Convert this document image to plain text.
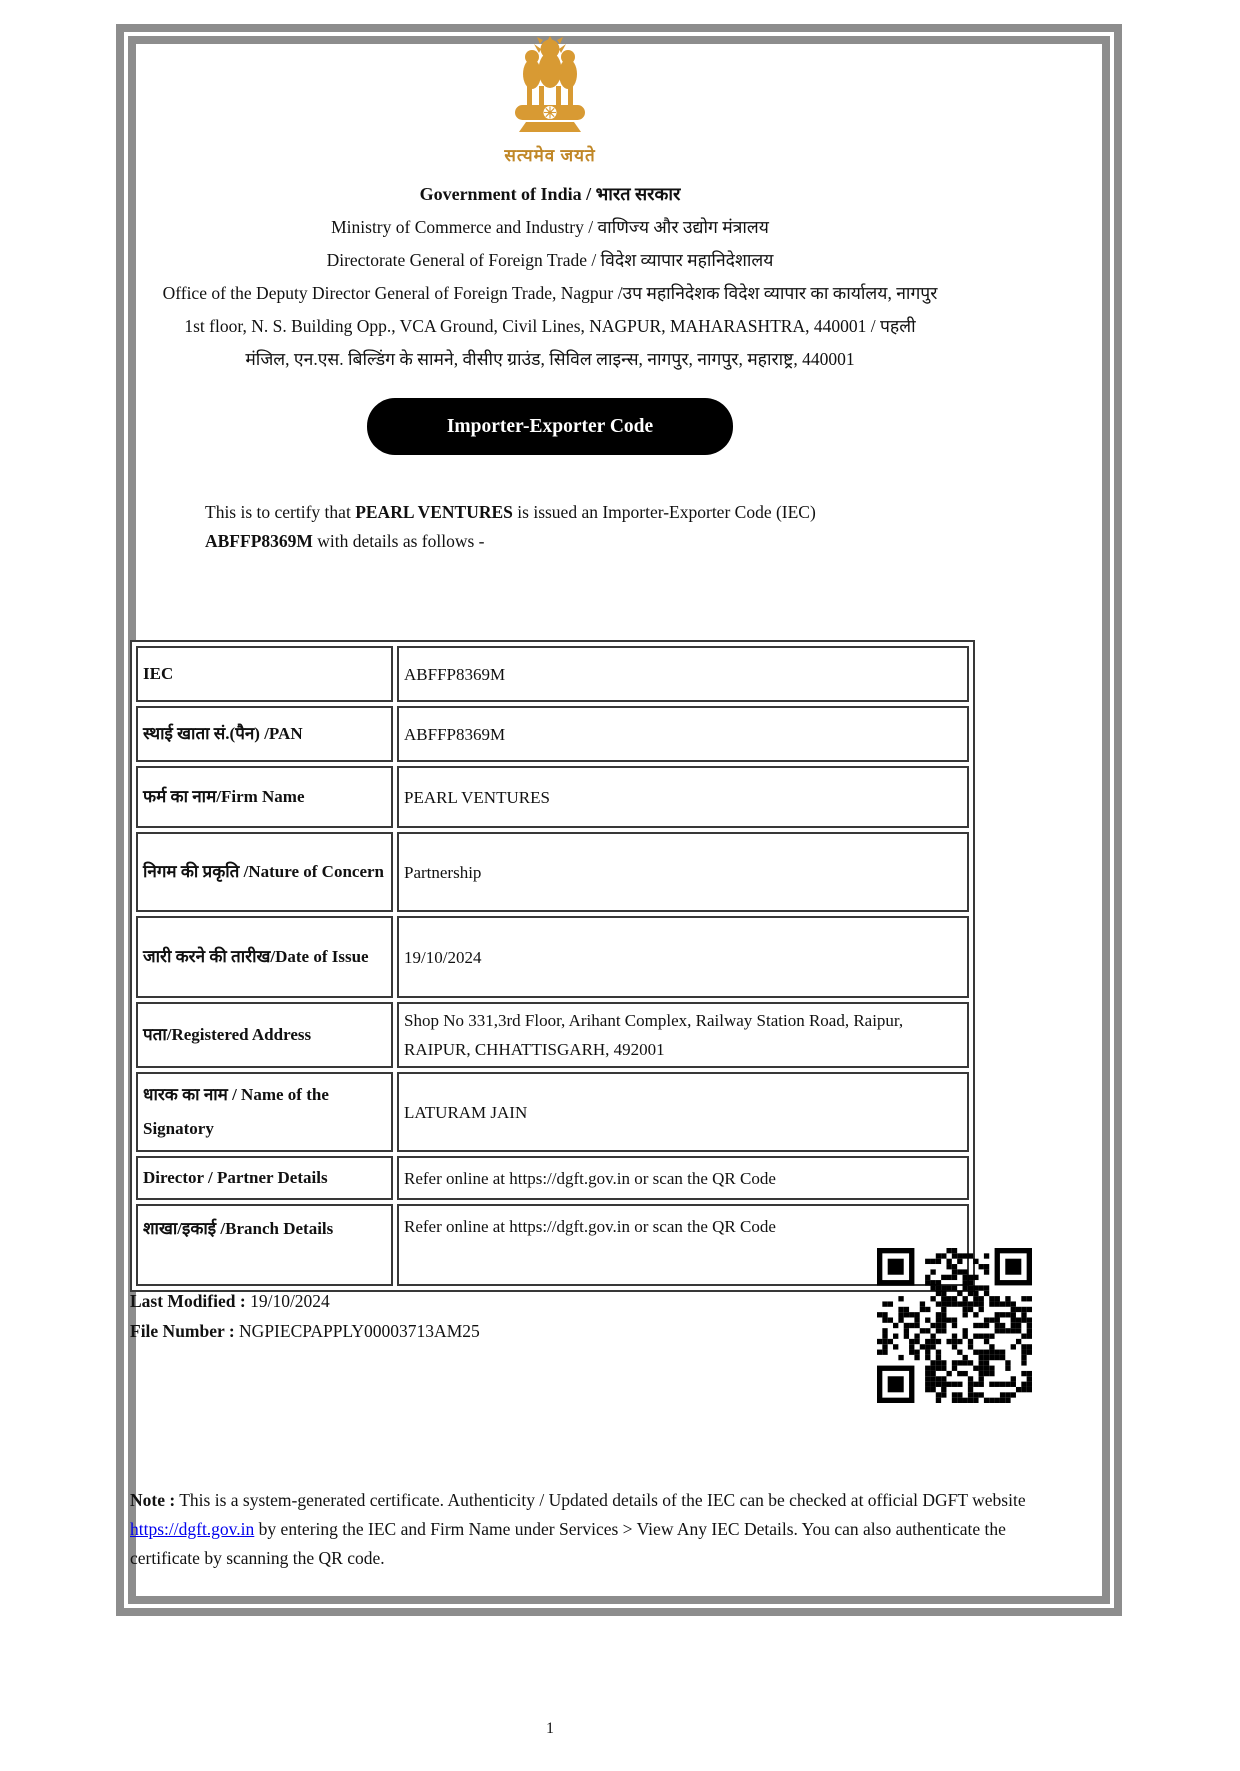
सत्यमेव जयते
Government of India / भारत सरकार
Ministry of Commerce and Industry / वाणिज्य और उद्योग मंत्रालय
Directorate General of Foreign Trade / विदेश व्यापार महानिदेशालय
Office of the Deputy Director General of Foreign Trade, Nagpur /उप महानिदेशक विदेश व्यापार का कार्यालय, नागपुर
1st floor, N. S. Building Opp., VCA Ground, Civil Lines, NAGPUR, MAHARASHTRA, 440001 / पहली
मंजिल, एन.एस. बिल्डिंग के सामने, वीसीए ग्राउंड, सिविल लाइन्स, नागपुर, नागपुर, महाराष्ट्र, 440001
Importer-Exporter Code
This is to certify that PEARL VENTURES is issued an Importer-Exporter Code (IEC) ABFFP8369M with details as follows -
IEC	ABFFP8369M
स्थाई खाता सं.(पैन) /PAN	ABFFP8369M
फर्म का नाम/Firm Name	PEARL VENTURES
निगम की प्रकृति /Nature of Concern	Partnership
जारी करने की तारीख/Date of Issue	19/10/2024
पता/Registered Address	Shop No 331,3rd Floor, Arihant Complex, Railway Station Road, Raipur, RAIPUR, CHHATTISGARH, 492001
धारक का नाम / Name of the Signatory	LATURAM JAIN
Director / Partner Details	Refer online at https://dgft.gov.in or scan the QR Code
शाखा/इकाई /Branch Details	Refer online at https://dgft.gov.in or scan the QR Code
Last Modified : 19/10/2024
File Number : NGPIECPAPPLY00003713AM25
Note : This is a system-generated certificate. Authenticity / Updated details of the IEC can be checked at official DGFT website https://dgft.gov.in by entering the IEC and Firm Name under Services > View Any IEC Details. You can also authenticate the certificate by scanning the QR code.
1
